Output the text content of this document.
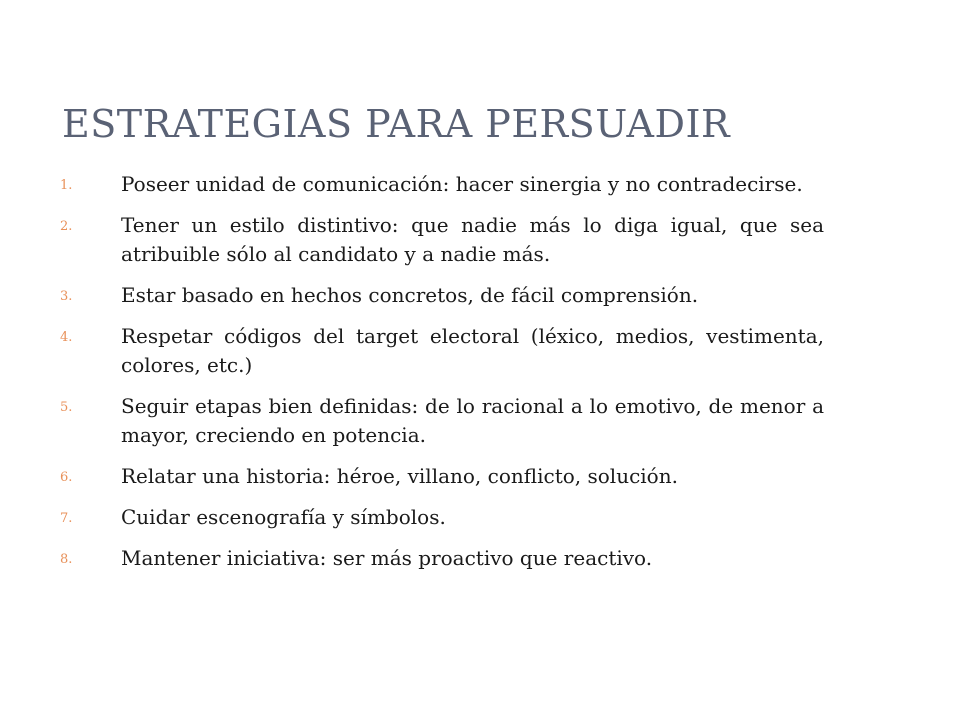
ESTRATEGIAS PARA PERSUADIR
1. Poseer unidad de comunicación: hacer sinergia y no contradecirse.
2. Tener un estilo distintivo: que nadie más lo diga igual, que sea atribuible sólo al candidato y a nadie más.
3. Estar basado en hechos concretos, de fácil comprensión.
4. Respetar códigos del target electoral (léxico, medios, vestimenta, colores, etc.)
5. Seguir etapas bien definidas: de lo racional a lo emotivo, de menor a mayor, creciendo en potencia.
6. Relatar una historia: héroe, villano, conflicto, solución.
7. Cuidar escenografía y símbolos.
8. Mantener iniciativa: ser más proactivo que reactivo.
